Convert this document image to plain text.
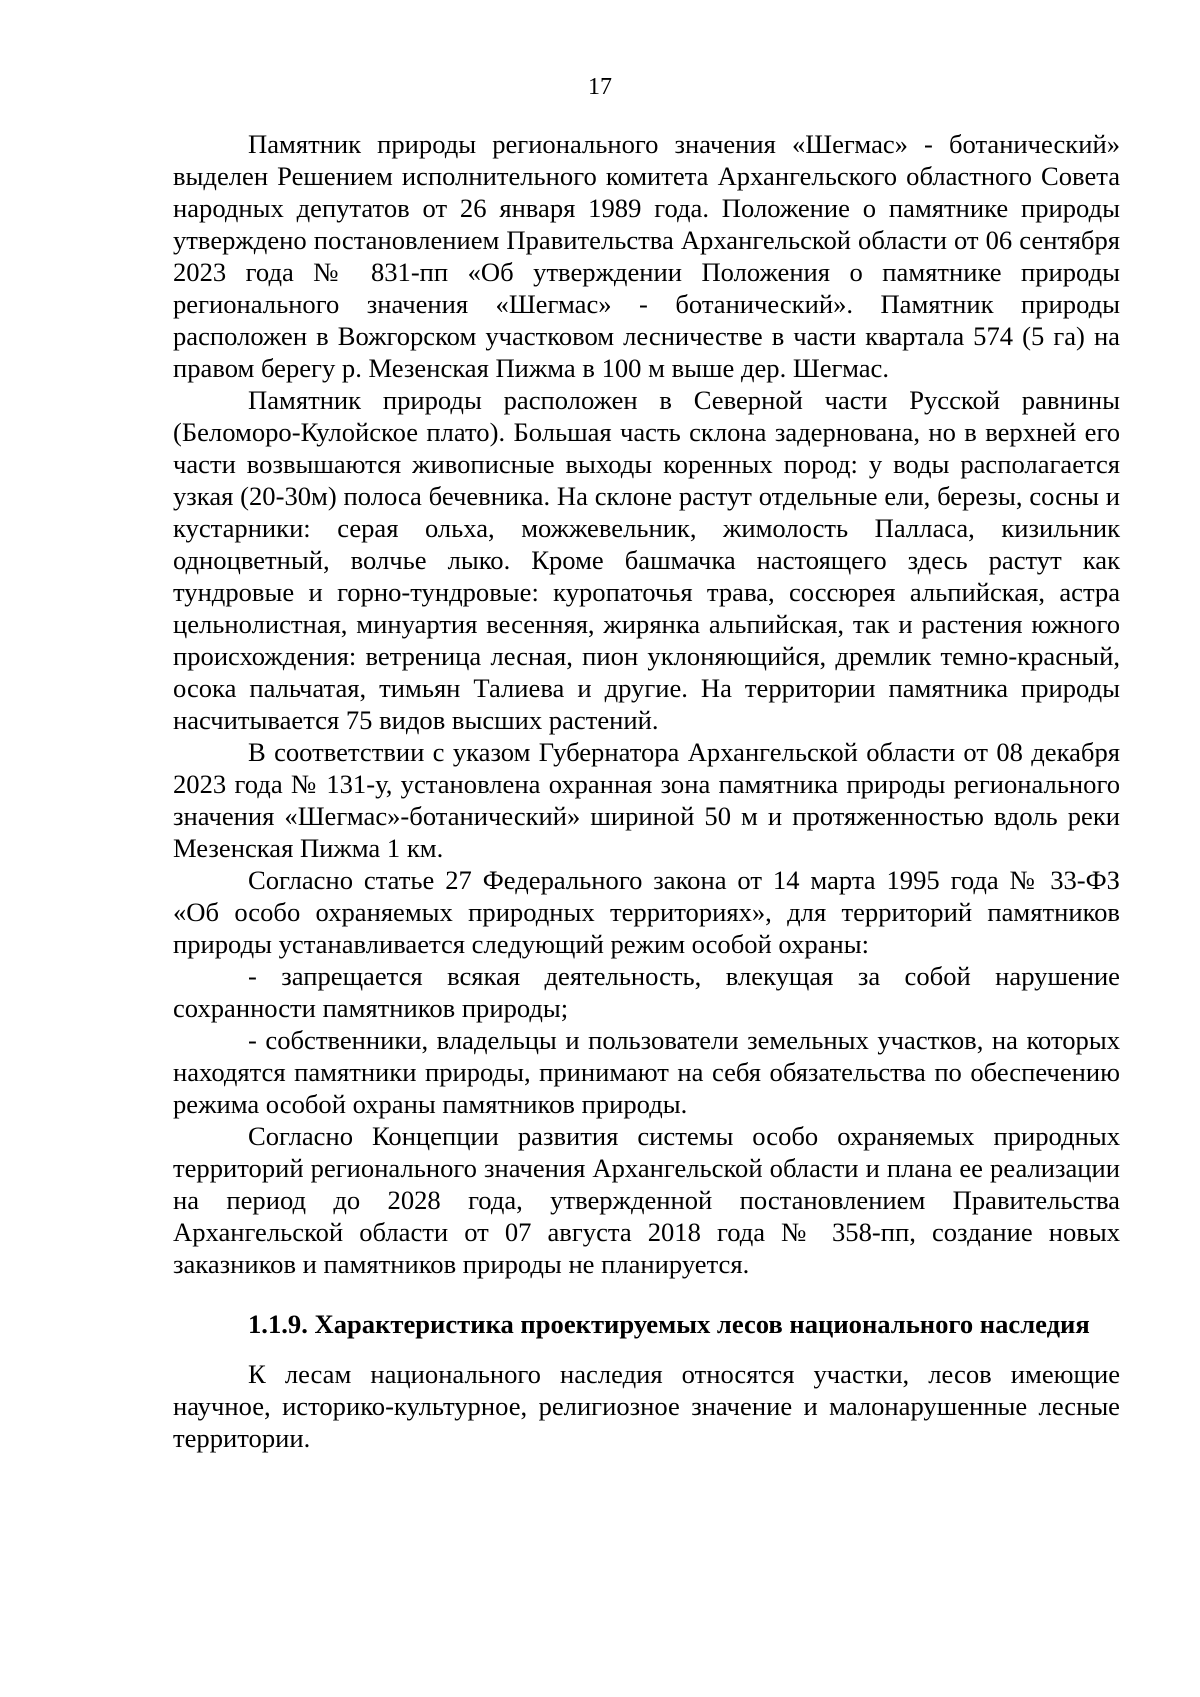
17

Памятник природы регионального значения «Шегмас» - ботанический» выделен Решением исполнительного комитета Архангельского областного Совета народных депутатов от 26 января 1989 года. Положение о памятнике природы утверждено постановлением Правительства Архангельской области от 06 сентября 2023 года № 831-пп «Об утверждении Положения о памятнике природы регионального значения «Шегмас» - ботанический». Памятник природы расположен в Вожгорском участковом лесничестве в части квартала 574 (5 га) на правом берегу р. Мезенская Пижма в 100 м выше дер. Шегмас.

Памятник природы расположен в Северной части Русской равнины (Беломоро-Кулойское плато). Большая часть склона задернована, но в верхней его части возвышаются живописные выходы коренных пород: у воды располагается узкая (20-30м) полоса бечевника. На склоне растут отдельные ели, березы, сосны и кустарники: серая ольха, можжевельник, жимолость Палласа, кизильник одноцветный, волчье лыко. Кроме башмачка настоящего здесь растут как тундровые и горно-тундровые: куропаточья трава, соссюрея альпийская, астра цельнолистная, минуартия весенняя, жирянка альпийская, так и растения южного происхождения: ветреница лесная, пион уклоняющийся, дремлик темно-красный, осока пальчатая, тимьян Талиева и другие. На территории памятника природы насчитывается 75 видов высших растений.

В соответствии с указом Губернатора Архангельской области от 08 декабря 2023 года № 131-у, установлена охранная зона памятника природы регионального значения «Шегмас»-ботанический» шириной 50 м и протяженностью вдоль реки Мезенская Пижма 1 км.

Согласно статье 27 Федерального закона от 14 марта 1995 года № 33-ФЗ «Об особо охраняемых природных территориях», для территорий памятников природы устанавливается следующий режим особой охраны:

- запрещается всякая деятельность, влекущая за собой нарушение сохранности памятников природы;

- собственники, владельцы и пользователи земельных участков, на которых находятся памятники природы, принимают на себя обязательства по обеспечению режима особой охраны памятников природы.

Согласно Концепции развития системы особо охраняемых природных территорий регионального значения Архангельской области и плана ее реализации на период до 2028 года, утвержденной постановлением Правительства Архангельской области от 07 августа 2018 года № 358-пп, создание новых заказников и памятников природы не планируется.

1.1.9. Характеристика проектируемых лесов национального наследия

К лесам национального наследия относятся участки, лесов имеющие научное, историко-культурное, религиозное значение и малонарушенные лесные территории.
